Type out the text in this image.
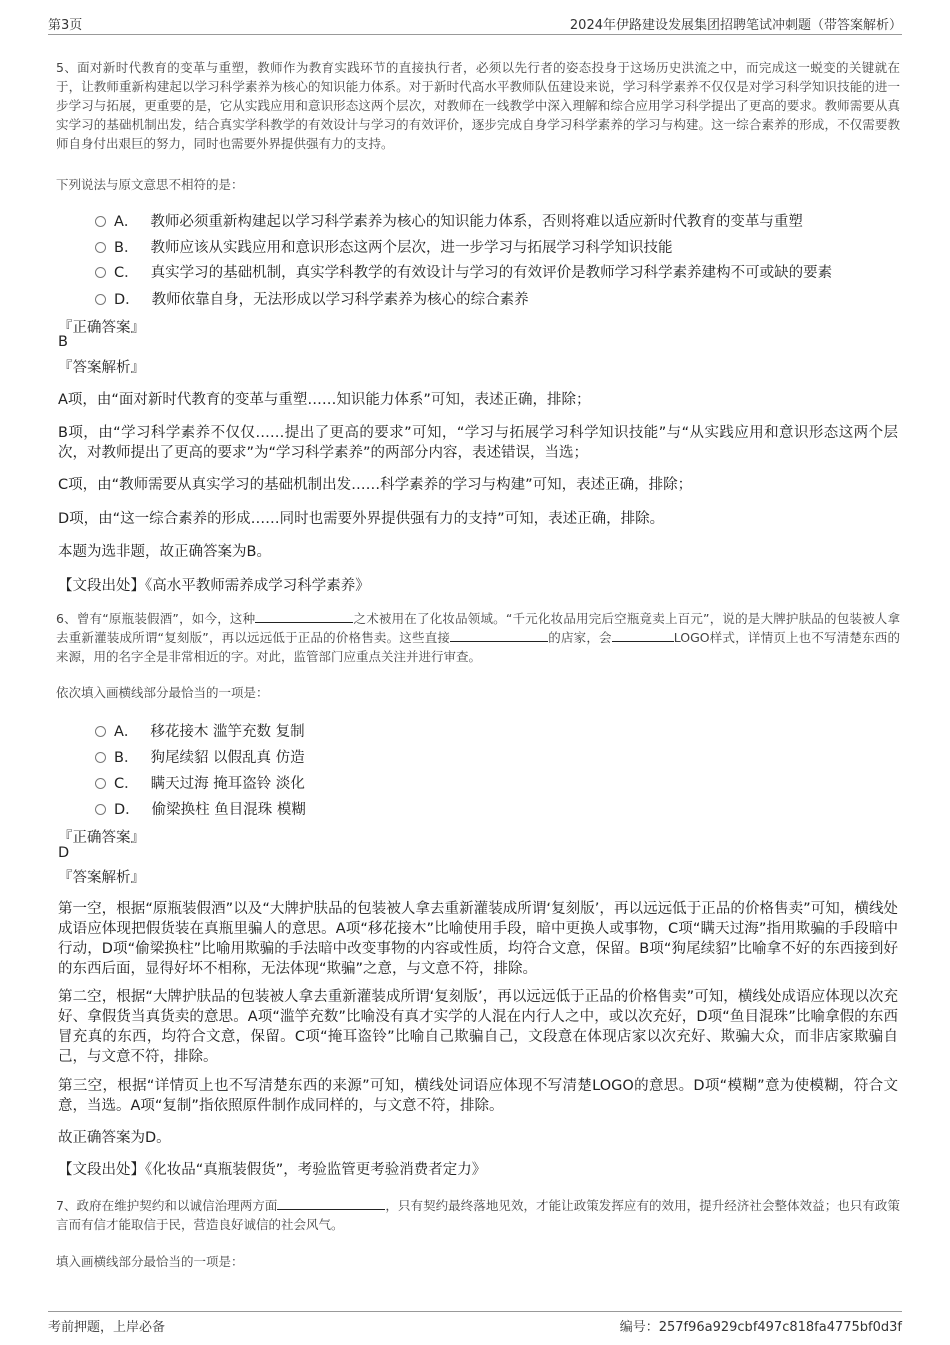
第3页	2024年伊路建设发展集团招聘笔试冲刺题（带答案解析）

5、面对新时代教育的变革与重塑，教师作为教育实践环节的直接执行者，必须以先行者的姿态投身于这场历史洪流之中，而完成这一蜕变的关键就在于，让教师重新构建起以学习科学素养为核心的知识能力体系。对于新时代高水平教师队伍建设来说，学习科学素养不仅仅是对学习科学知识技能的进一步学习与拓展，更重要的是，它从实践应用和意识形态这两个层次，对教师在一线教学中深入理解和综合应用学习科学提出了更高的要求。教师需要从真实学习的基础机制出发，结合真实学科教学的有效设计与学习的有效评价，逐步完成自身学习科学素养的学习与构建。这一综合素养的形成，不仅需要教师自身付出艰巨的努力，同时也需要外界提供强有力的支持。

下列说法与原文意思不相符的是：
A． 教师必须重新构建起以学习科学素养为核心的知识能力体系，否则将难以适应新时代教育的变革与重塑
B． 教师应该从实践应用和意识形态这两个层次，进一步学习与拓展学习科学知识技能
C． 真实学习的基础机制，真实学科教学的有效设计与学习的有效评价是教师学习科学素养建构不可或缺的要素
D． 教师依靠自身，无法形成以学习科学素养为核心的综合素养
『正确答案』
B
『答案解析』

A项，由“面对新时代教育的变革与重塑……知识能力体系”可知，表述正确，排除；

B项，由“学习科学素养不仅仅……提出了更高的要求”可知，“学习与拓展学习科学知识技能”与“从实践应用和意识形态这两个层次，对教师提出了更高的要求”为“学习科学素养”的两部分内容，表述错误，当选；

C项，由“教师需要从真实学习的基础机制出发……科学素养的学习与构建”可知，表述正确，排除；

D项，由“这一综合素养的形成……同时也需要外界提供强有力的支持”可知，表述正确，排除。

本题为选非题，故正确答案为B。

【文段出处】《高水平教师需养成学习科学素养》

6、曾有“原瓶装假酒”，如今，这种	之术被用在了化妆品领域。“千元化妆品用完后空瓶竟卖上百元”，说的是大牌护肤品的包装被人拿去重新灌装成所谓“复刻版”，再以远远低于正品的价格售卖。这些直接	的店家，会	LOGO样式，详情页上也不写清楚东西的来源，用的名字全是非常相近的字。对此，监管部门应重点关注并进行审查。

依次填入画横线部分最恰当的一项是：
A． 移花接木 滥竽充数 复制
B． 狗尾续貂 以假乱真 仿造
C． 瞒天过海 掩耳盗铃 淡化
D． 偷梁换柱 鱼目混珠 模糊
『正确答案』
D
『答案解析』

第一空，根据“原瓶装假酒”以及“大牌护肤品的包装被人拿去重新灌装成所谓‘复刻版’，再以远远低于正品的价格售卖”可知，横线处成语应体现把假货装在真瓶里骗人的意思。A项“移花接木”比喻使用手段，暗中更换人或事物，C项“瞒天过海”指用欺骗的手段暗中行动，D项“偷梁换柱”比喻用欺骗的手法暗中改变事物的内容或性质，均符合文意，保留。B项“狗尾续貂”比喻拿不好的东西接到好的东西后面，显得好坏不相称，无法体现“欺骗”之意，与文意不符，排除。

第二空，根据“大牌护肤品的包装被人拿去重新灌装成所谓‘复刻版’，再以远远低于正品的价格售卖”可知，横线处成语应体现以次充好、拿假货当真货卖的意思。A项“滥竽充数”比喻没有真才实学的人混在内行人之中，或以次充好，D项“鱼目混珠”比喻拿假的东西冒充真的东西，均符合文意，保留。C项“掩耳盗铃”比喻自己欺骗自己，文段意在体现店家以次充好、欺骗大众，而非店家欺骗自己，与文意不符，排除。

第三空，根据“详情页上也不写清楚东西的来源”可知，横线处词语应体现不写清楚LOGO的意思。D项“模糊”意为使模糊，符合文意，当选。A项“复制”指依照原件制作成同样的，与文意不符，排除。

故正确答案为D。

【文段出处】《化妆品“真瓶装假货”，考验监管更考验消费者定力》

7、政府在维护契约和以诚信治理两方面	，只有契约最终落地见效，才能让政策发挥应有的效用，提升经济社会整体效益；也只有政策言而有信才能取信于民，营造良好诚信的社会风气。

填入画横线部分最恰当的一项是：
考前押题，上岸必备	编号：257f96a929cbf497c818fa4775bf0d3f
